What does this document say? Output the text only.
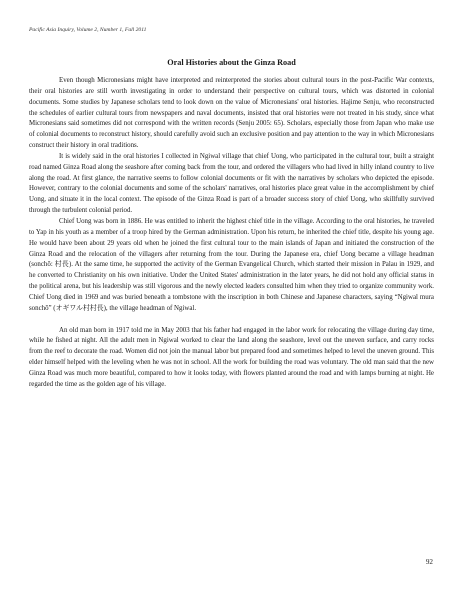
Pacific Asia Inquiry, Volume 2, Number 1, Fall 2011
Oral Histories about the Ginza Road

Even though Micronesians might have interpreted and reinterpreted the stories about cultural tours in the post-Pacific War contexts, their oral histories are still worth investigating in order to understand their perspective on cultural tours, which was distorted in colonial documents. Some studies by Japanese scholars tend to look down on the value of Micronesians' oral histories. Hajime Senju, who reconstructed the schedules of earlier cultural tours from newspapers and naval documents, insisted that oral histories were not treated in his study, since what Micronesians said sometimes did not correspond with the written records (Senju 2005: 65). Scholars, especially those from Japan who make use of colonial documents to reconstruct history, should carefully avoid such an exclusive position and pay attention to the way in which Micronesians construct their history in oral traditions.

It is widely said in the oral histories I collected in Ngiwal village that chief Uong, who participated in the cultural tour, built a straight road named Ginza Road along the seashore after coming back from the tour, and ordered the villagers who had lived in hilly inland country to live along the road. At first glance, the narrative seems to follow colonial documents or fit with the narratives by scholars who depicted the episode. However, contrary to the colonial documents and some of the scholars' narratives, oral histories place great value in the accomplishment by chief Uong, and situate it in the local context. The episode of the Ginza Road is part of a broader success story of chief Uong, who skillfully survived through the turbulent colonial period.

Chief Uong was born in 1886. He was entitled to inherit the highest chief title in the village. According to the oral histories, he traveled to Yap in his youth as a member of a troop hired by the German administration. Upon his return, he inherited the chief title, despite his young age. He would have been about 29 years old when he joined the first cultural tour to the main islands of Japan and initiated the construction of the Ginza Road and the relocation of the villagers after returning from the tour. During the Japanese era, chief Uong became a village headman (sonchō: 村長). At the same time, he supported the activity of the German Evangelical Church, which started their mission in Palau in 1929, and he converted to Christianity on his own initiative. Under the United States' administration in the later years, he did not hold any official status in the political arena, but his leadership was still vigorous and the newly elected leaders consulted him when they tried to organize community work. Chief Uong died in 1969 and was buried beneath a tombstone with the inscription in both Chinese and Japanese characters, saying “Ngiwal mura sonchō” (オギワル村村長), the village headman of Ngiwal.

An old man born in 1917 told me in May 2003 that his father had engaged in the labor work for relocating the village during day time, while he fished at night. All the adult men in Ngiwal worked to clear the land along the seashore, level out the uneven surface, and carry rocks from the reef to decorate the road. Women did not join the manual labor but prepared food and sometimes helped to level the uneven ground. This elder himself helped with the leveling when he was not in school. All the work for building the road was voluntary. The old man said that the new Ginza Road was much more beautiful, compared to how it looks today, with flowers planted around the road and with lamps burning at night. He regarded the time as the golden age of his village.

92
